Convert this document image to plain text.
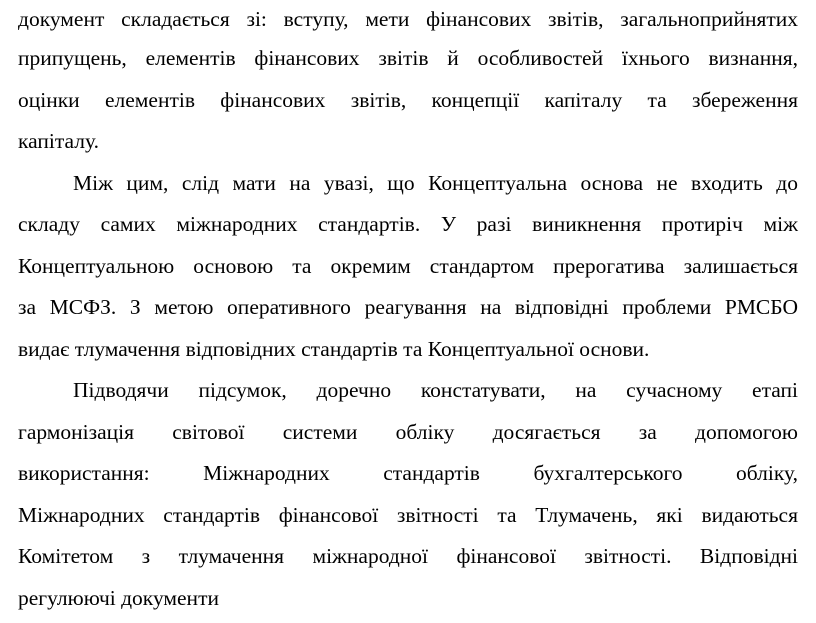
документ складається зі: вступу, мети фінансових звітів, загальноприйнятих
припущень, елементів фінансових звітів й особливостей їхнього визнання,
оцінки елементів фінансових звітів, концепції капіталу та збереження
капіталу.
Між цим, слід мати на увазі, що Концептуальна основа не входить до
складу самих міжнародних стандартів. У разі виникнення протиріч між
Концептуальною основою та окремим стандартом прерогатива залишається
за МСФЗ. З метою оперативного реагування на відповідні проблеми РМСБО
видає тлумачення відповідних стандартів та Концептуальної основи.
Підводячи підсумок, доречно констатувати, на сучасному етапі
гармонізація світової системи обліку досягається за допомогою
використання: Міжнародних стандартів бухгалтерського обліку,
Міжнародних стандартів фінансової звітності та Тлумачень, які видаються
Комітетом з тлумачення міжнародної фінансової звітності. Відповідні
регулюючі документи
